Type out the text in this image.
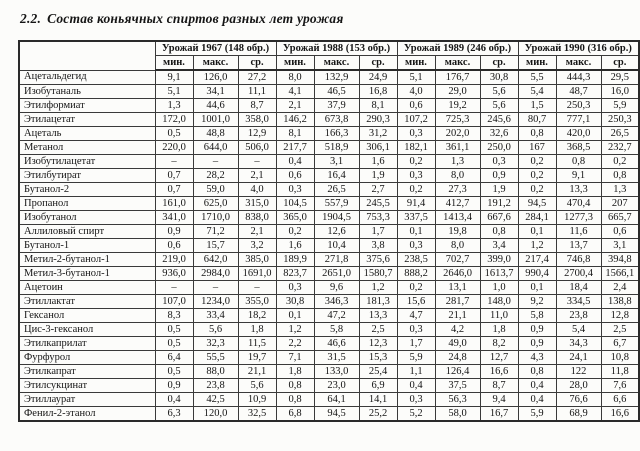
2.2. Состав коньячных спиртов разных лет урожая
	Урожай 1967 (148 обр.)			Урожай 1988 (153 обр.)			Урожай 1989 (246 обр.)			Урожай 1990 (316 обр.)		
	мин.	макс.	ср.	мин.	макс.	ср.	мин.	макс.	ср.	мин.	макс.	ср.
Ацетальдегид	9,1	126,0	27,2	8,0	132,9	24,9	5,1	176,7	30,8	5,5	444,3	29,5
Изобутаналь	5,1	34,1	11,1	4,1	46,5	16,8	4,0	29,0	5,6	5,4	48,7	16,0
Этилформиат	1,3	44,6	8,7	2,1	37,9	8,1	0,6	19,2	5,6	1,5	250,3	5,9
Этилацетат	172,0	1001,0	358,0	146,2	673,8	290,3	107,2	725,3	245,6	80,7	777,1	250,3
Ацеталь	0,5	48,8	12,9	8,1	166,3	31,2	0,3	202,0	32,6	0,8	420,0	26,5
Метанол	220,0	644,0	506,0	217,7	518,9	306,1	182,1	361,1	250,0	167	368,5	232,7
Изобутилацетат	–	–	–	0,4	3,1	1,6	0,2	1,3	0,3	0,2	0,8	0,2
Этилбутират	0,7	28,2	2,1	0,6	16,4	1,9	0,3	8,0	0,9	0,2	9,1	0,8
Бутанол-2	0,7	59,0	4,0	0,3	26,5	2,7	0,2	27,3	1,9	0,2	13,3	1,3
Пропанол	161,0	625,0	315,0	104,5	557,9	245,5	91,4	412,7	191,2	94,5	470,4	207
Изобутанол	341,0	1710,0	838,0	365,0	1904,5	753,3	337,5	1413,4	667,6	284,1	1277,3	665,7
Аллиловый спирт	0,9	71,2	2,1	0,2	12,6	1,7	0,1	19,8	0,8	0,1	11,6	0,6
Бутанол-1	0,6	15,7	3,2	1,6	10,4	3,8	0,3	8,0	3,4	1,2	13,7	3,1
Метил-2-бутанол-1	219,0	642,0	385,0	189,9	271,8	375,6	238,5	702,7	399,0	217,4	746,8	394,8
Метил-3-бутанол-1	936,0	2984,0	1691,0	823,7	2651,0	1580,7	888,2	2646,0	1613,7	990,4	2700,4	1566,1
Ацетоин	–	–	–	0,3	9,6	1,2	0,2	13,1	1,0	0,1	18,4	2,4
Этиллактат	107,0	1234,0	355,0	30,8	346,3	181,3	15,6	281,7	148,0	9,2	334,5	138,8
Гексанол	8,3	33,4	18,2	0,1	47,2	13,3	4,7	21,1	11,0	5,8	23,8	12,8
Цис-3-гексанол	0,5	5,6	1,8	1,2	5,8	2,5	0,3	4,2	1,8	0,9	5,4	2,5
Этилкаприлат	0,5	32,3	11,5	2,2	46,6	12,3	1,7	49,0	8,2	0,9	34,3	6,7
Фурфурол	6,4	55,5	19,7	7,1	31,5	15,3	5,9	24,8	12,7	4,3	24,1	10,8
Этилкапрат	0,5	88,0	21,1	1,8	133,0	25,4	1,1	126,4	16,6	0,8	122	11,8
Этилсукцинат	0,9	23,8	5,6	0,8	23,0	6,9	0,4	37,5	8,7	0,4	28,0	7,6
Этиллаурат	0,4	42,5	10,9	0,8	64,1	14,1	0,3	56,3	9,4	0,4	76,6	6,6
Фенил-2-этанол	6,3	120,0	32,5	6,8	94,5	25,2	5,2	58,0	16,7	5,9	68,9	16,6
